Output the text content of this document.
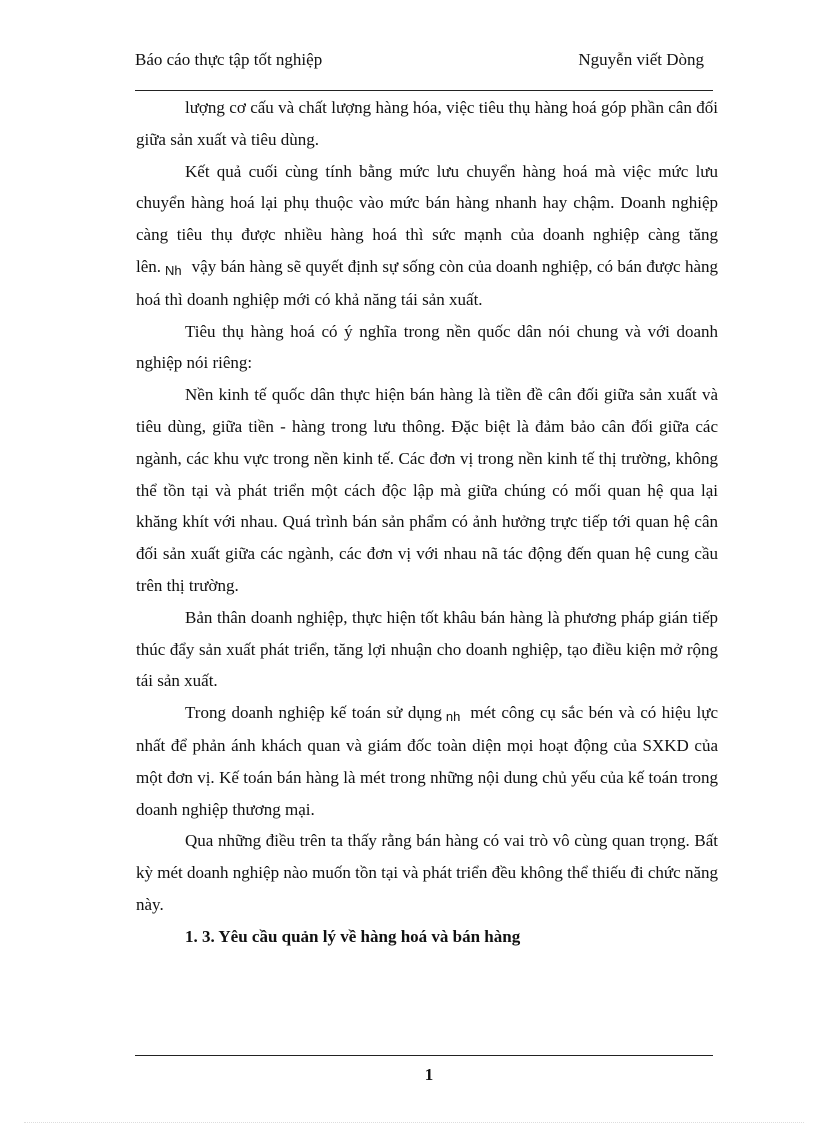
Báo cáo thực tập tốt nghiệp	Nguyễn viết Dòng

lượng cơ cấu và chất lượng hàng hóa, việc tiêu thụ hàng hoá góp phần cân đối giữa sản xuất và tiêu dùng.

Kết quả cuối cùng tính bằng mức lưu chuyển hàng hoá mà việc mức lưu chuyển hàng hoá lại phụ thuộc vào mức bán hàng nhanh hay chậm. Doanh nghiệp càng tiêu thụ được nhiều hàng hoá thì sức mạnh của doanh nghiệp càng tăng lên. Nh vậy bán hàng sẽ quyết định sự sống còn của doanh nghiệp, có bán được hàng hoá thì doanh nghiệp mới có khả năng tái sản xuất.

Tiêu thụ hàng hoá có ý nghĩa trong nền quốc dân nói chung và với doanh nghiệp nói riêng:

Nền kinh tế quốc dân thực hiện bán hàng là tiền đề cân đối giữa sản xuất và tiêu dùng, giữa tiền - hàng trong lưu thông. Đặc biệt là đảm bảo cân đối giữa các ngành, các khu vực trong nền kinh tế. Các đơn vị trong nền kinh tế thị trường, không thể tồn tại và phát triển một cách độc lập mà giữa chúng có mối quan hệ qua lại khăng khít với nhau. Quá trình bán sản phẩm có ảnh hưởng trực tiếp tới quan hệ cân đối sản xuất giữa các ngành, các đơn vị với nhau nã tác động đến quan hệ cung cầu trên thị trường.

Bản thân doanh nghiệp, thực hiện tốt khâu bán hàng là phương pháp gián tiếp thúc đẩy sản xuất phát triển, tăng lợi nhuận cho doanh nghiệp, tạo điều kiện mở rộng tái sản xuất.

Trong doanh nghiệp kế toán sử dụng nh mét công cụ sắc bén và có hiệu lực nhất để phản ánh khách quan và giám đốc toàn diện mọi hoạt động của SXKD của một đơn vị. Kế toán bán hàng là mét trong những nội dung chủ yếu của kế toán trong doanh nghiệp thương mại.

Qua những điều trên ta thấy rằng bán hàng có vai trò vô cùng quan trọng. Bất kỳ mét doanh nghiệp nào muốn tồn tại và phát triển đều không thể thiếu đi chức năng này.

1. 3. Yêu cầu quản lý về hàng hoá và bán hàng

1
